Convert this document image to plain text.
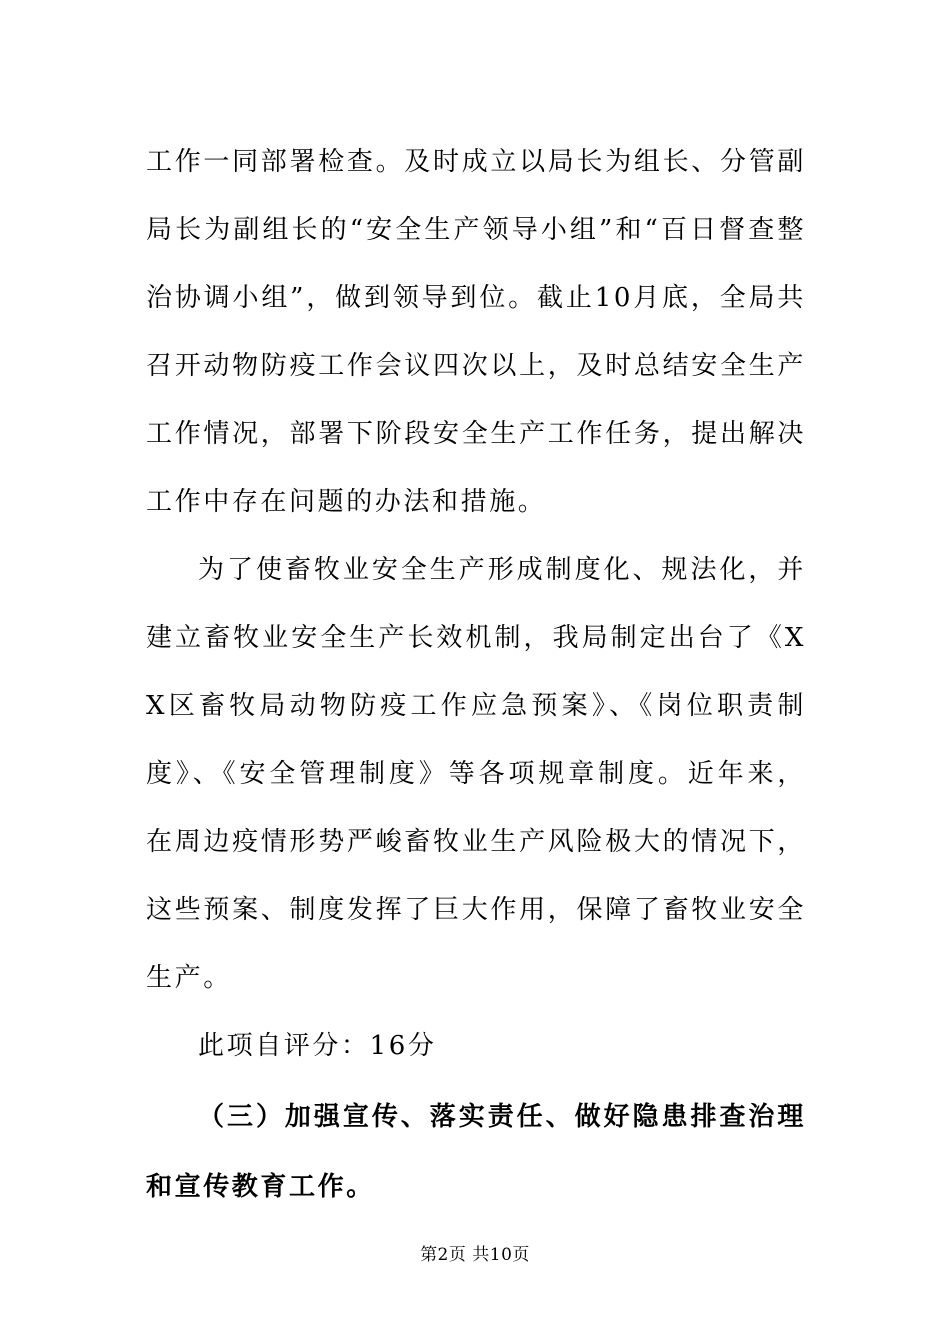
工作一同部署检查。及时成立以局长为组长、分管副局长为副组长的“安全生产领导小组”和“百日督查整治协调小组”，做到领导到位。截止10月底，全局共召开动物防疫工作会议四次以上，及时总结安全生产工作情况，部署下阶段安全生产工作任务，提出解决工作中存在问题的办法和措施。

为了使畜牧业安全生产形成制度化、规法化，并建立畜牧业安全生产长效机制，我局制定出台了《XX区畜牧局动物防疫工作应急预案》、《岗位职责制度》、《安全管理制度》等各项规章制度。近年来，在周边疫情形势严峻畜牧业生产风险极大的情况下，这些预案、制度发挥了巨大作用，保障了畜牧业安全生产。

此项自评分：16分

（三）加强宣传、落实责任、做好隐患排查治理和宣传教育工作。

第2页 共10页
